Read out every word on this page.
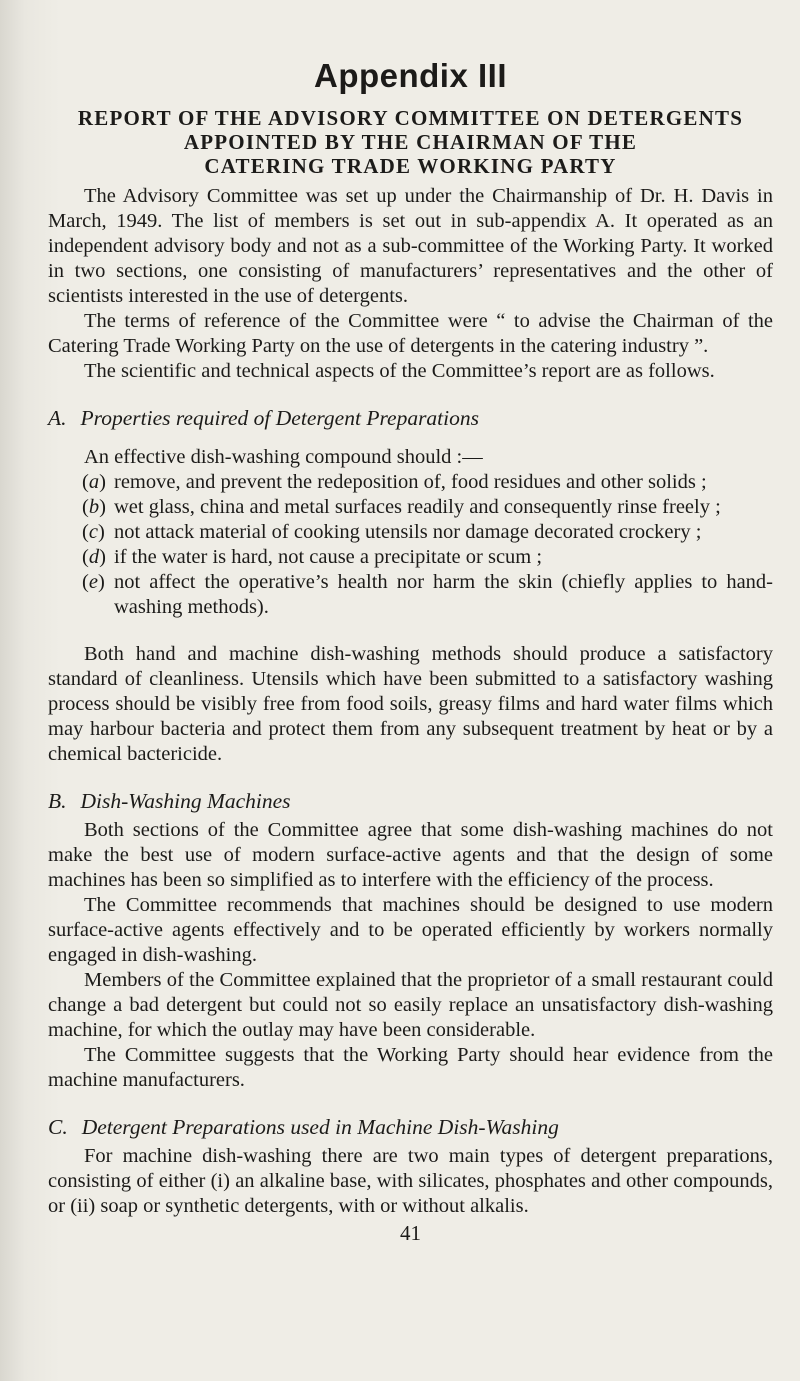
Appendix III
REPORT OF THE ADVISORY COMMITTEE ON DETERGENTS
APPOINTED BY THE CHAIRMAN OF THE
CATERING TRADE WORKING PARTY

The Advisory Committee was set up under the Chairmanship of Dr. H. Davis in March, 1949. The list of members is set out in sub-appendix A. It operated as an independent advisory body and not as a sub-committee of the Working Party. It worked in two sections, one consisting of manufacturers’ representatives and the other of scientists interested in the use of detergents.

The terms of reference of the Committee were “ to advise the Chairman of the Catering Trade Working Party on the use of detergents in the catering industry ”.

The scientific and technical aspects of the Committee’s report are as follows.

A. Properties required of Detergent Preparations

An effective dish-washing compound should :—

(a) remove, and prevent the redeposition of, food residues and other solids ;
(b) wet glass, china and metal surfaces readily and consequently rinse freely ;
(c) not attack material of cooking utensils nor damage decorated crockery ;
(d) if the water is hard, not cause a precipitate or scum ;
(e) not affect the operative’s health nor harm the skin (chiefly applies to hand-washing methods).

Both hand and machine dish-washing methods should produce a satisfactory standard of cleanliness. Utensils which have been submitted to a satisfactory washing process should be visibly free from food soils, greasy films and hard water films which may harbour bacteria and protect them from any subsequent treatment by heat or by a chemical bactericide.

B. Dish-Washing Machines

Both sections of the Committee agree that some dish-washing machines do not make the best use of modern surface-active agents and that the design of some machines has been so simplified as to interfere with the efficiency of the process.

The Committee recommends that machines should be designed to use modern surface-active agents effectively and to be operated efficiently by workers normally engaged in dish-washing.

Members of the Committee explained that the proprietor of a small restaurant could change a bad detergent but could not so easily replace an unsatisfactory dish-washing machine, for which the outlay may have been considerable.

The Committee suggests that the Working Party should hear evidence from the machine manufacturers.

C. Detergent Preparations used in Machine Dish-Washing

For machine dish-washing there are two main types of detergent preparations, consisting of either (i) an alkaline base, with silicates, phosphates and other compounds, or (ii) soap or synthetic detergents, with or without alkalis.

41
